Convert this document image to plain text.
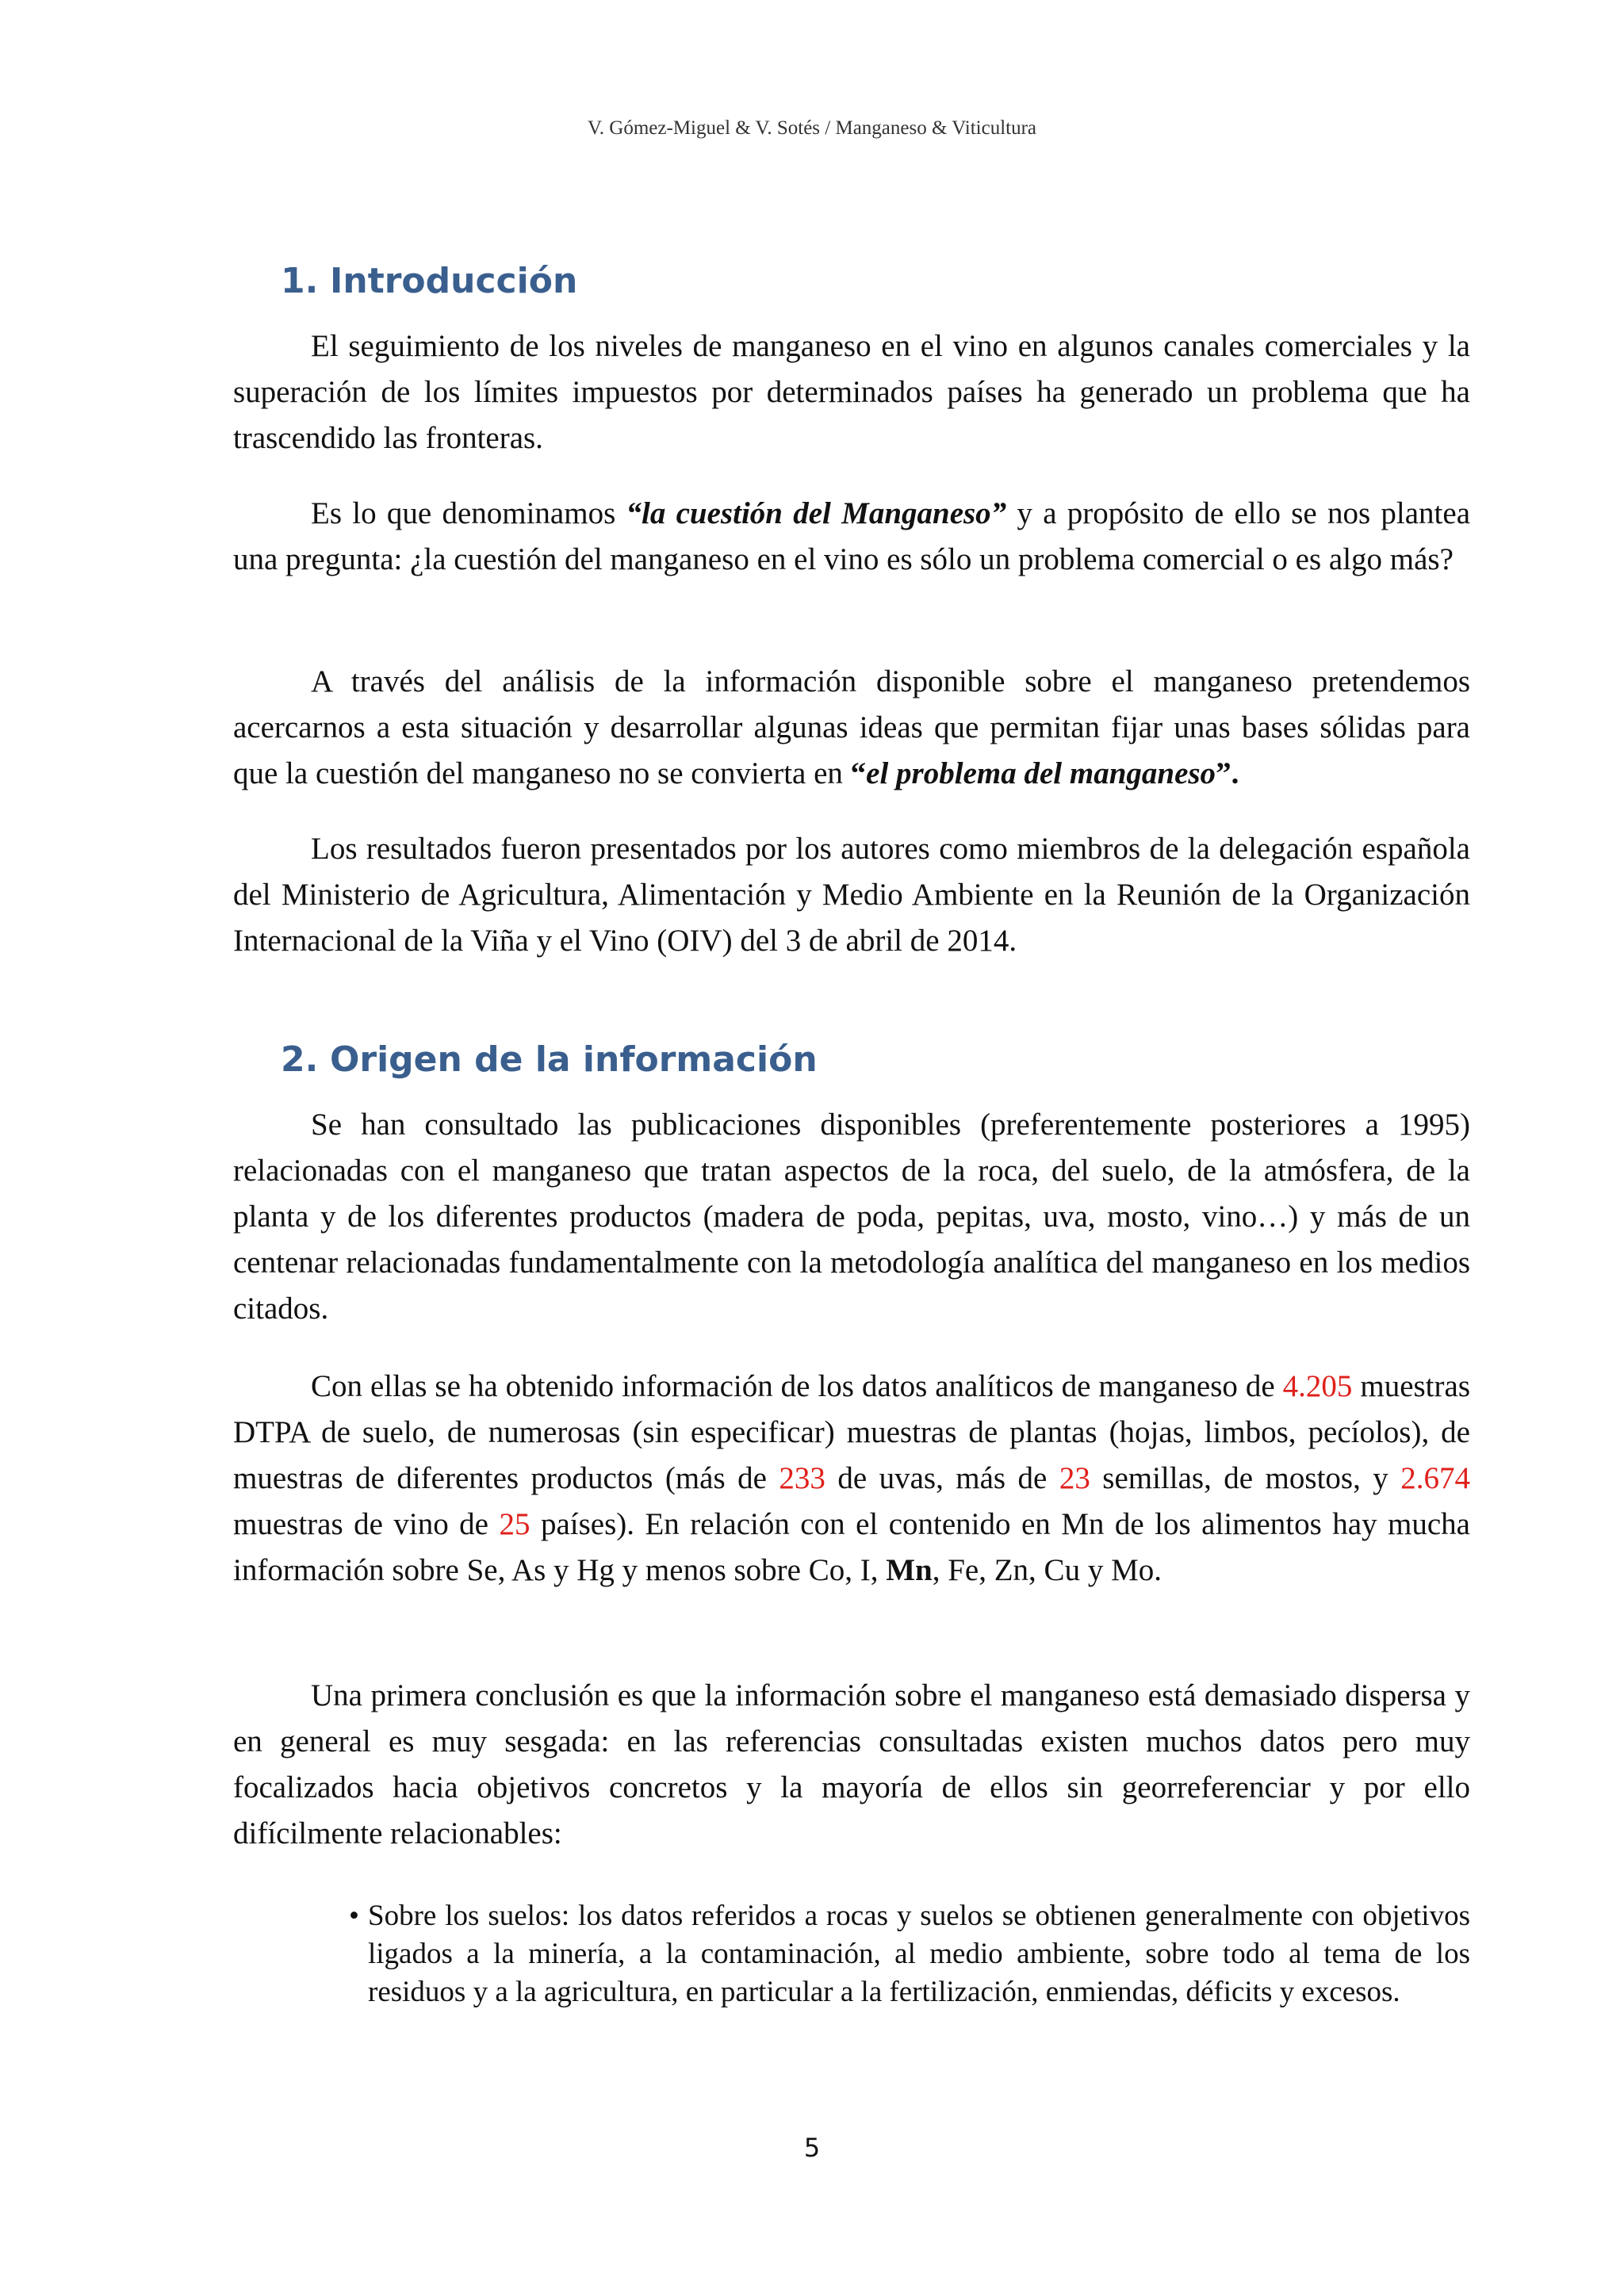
V. Gómez-Miguel & V. Sotés / Manganeso & Viticultura
1. Introducción

El seguimiento de los niveles de manganeso en el vino en algunos canales comerciales y la superación de los límites impuestos por determinados países ha generado un problema que ha trascendido las fronteras.

Es lo que denominamos “la cuestión del Manganeso” y a propósito de ello se nos plantea una pregunta: ¿la cuestión del manganeso en el vino es sólo un problema comercial o es algo más?

A través del análisis de la información disponible sobre el manganeso pretendemos acercarnos a esta situación y desarrollar algunas ideas que permitan fijar unas bases sólidas para que la cuestión del manganeso no se convierta en “el problema del manganeso”.

Los resultados fueron presentados por los autores como miembros de la delegación española del Ministerio de Agricultura, Alimentación y Medio Ambiente en la Reunión de la Organización Internacional de la Viña y el Vino (OIV) del 3 de abril de 2014.

2. Origen de la información

Se han consultado las publicaciones disponibles (preferentemente posteriores a 1995) relacionadas con el manganeso que tratan aspectos de la roca, del suelo, de la atmósfera, de la planta y de los diferentes productos (madera de poda, pepitas, uva, mosto, vino…) y más de un centenar relacionadas fundamentalmente con la metodología analítica del manganeso en los medios citados.

Con ellas se ha obtenido información de los datos analíticos de manganeso de 4.205 muestras DTPA de suelo, de numerosas (sin especificar) muestras de plantas (hojas, limbos, pecíolos), de muestras de diferentes productos (más de 233 de uvas, más de 23 semillas, de mostos, y 2.674 muestras de vino de 25 países). En relación con el contenido en Mn de los alimentos hay mucha información sobre Se, As y Hg y menos sobre Co, I, Mn, Fe, Zn, Cu y Mo.

Una primera conclusión es que la información sobre el manganeso está demasiado dispersa y en general es muy sesgada: en las referencias consultadas existen muchos datos pero muy focalizados hacia objetivos concretos y la mayoría de ellos sin georreferenciar y por ello difícilmente relacionables:

• Sobre los suelos: los datos referidos a rocas y suelos se obtienen generalmente con objetivos ligados a la minería, a la contaminación, al medio ambiente, sobre todo al tema de los residuos y a la agricultura, en particular a la fertilización, enmiendas, déficits y excesos.
5
